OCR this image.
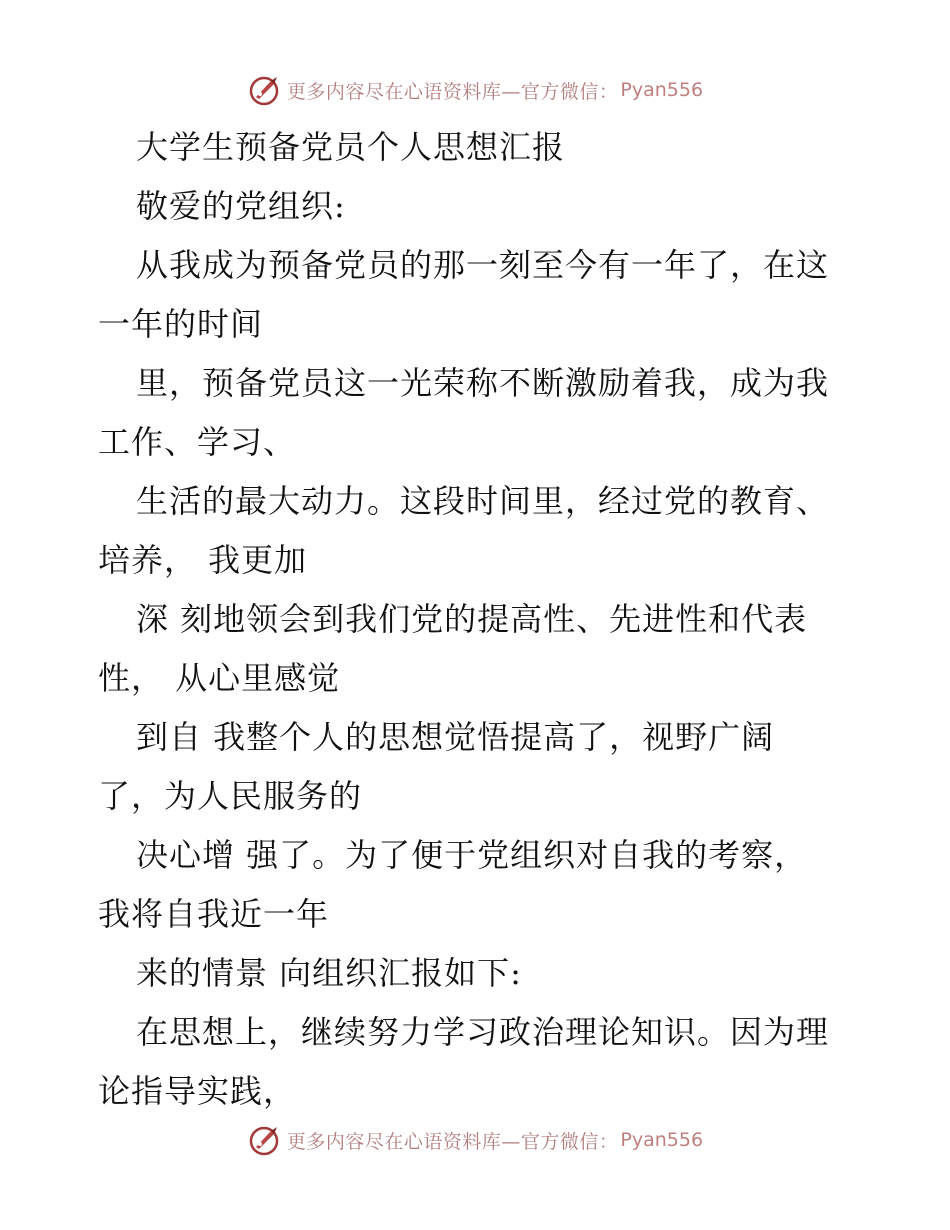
更多内容尽在心语资料库—官方微信： Pyan556
大学生预备党员个人思想汇报
敬爱的党组织:
从我成为预备党员的那一刻至今有一年了，在这
一年的时间
里，预备党员这一光荣称不断激励着我，成为我
工作、学习、
生活的最大动力。这段时间里，经过党的教育、
培养， 我更加
深 刻地领会到我们党的提高性、先进性和代表
性， 从心里感觉
到自 我整个人的思想觉悟提高了，视野广阔
了，为人民服务的
决心增 强了。为了便于党组织对自我的考察，
我将自我近一年
来的情景 向组织汇报如下:
在思想上，继续努力学习政治理论知识。因为理
论指导实践，
更多内容尽在心语资料库—官方微信： Pyan556
